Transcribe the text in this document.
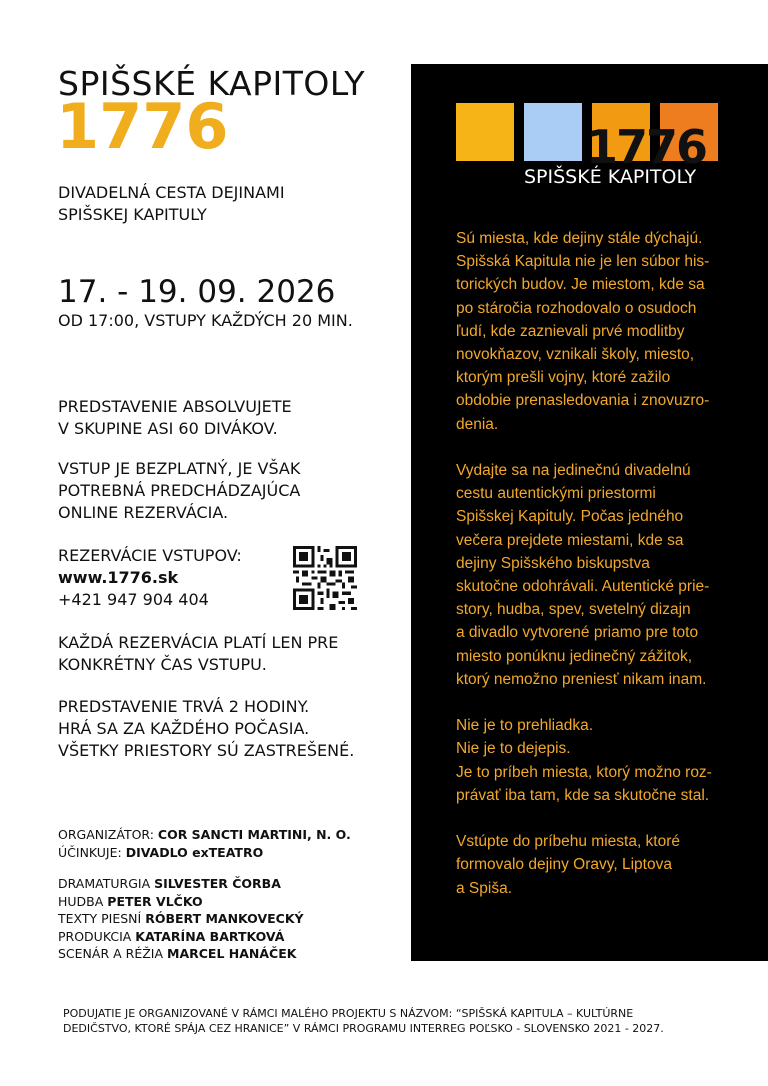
SPIŠSKÉ KAPITOLY
1776
DIVADELNÁ CESTA DEJINAMI
SPIŠSKEJ KAPITULY
17. - 19. 09. 2026
OD 17:00, VSTUPY KAŽDÝCH 20 MIN.
PREDSTAVENIE ABSOLVUJETE
V SKUPINE ASI 60 DIVÁKOV.
VSTUP JE BEZPLATNÝ, JE VŠAK
POTREBNÁ PREDCHÁDZAJÚCA
ONLINE REZERVÁCIA.
REZERVÁCIE VSTUPOV:
www.1776.sk
+421 947 904 404
KAŽDÁ REZERVÁCIA PLATÍ LEN PRE
KONKRÉTNY ČAS VSTUPU.
PREDSTAVENIE TRVÁ 2 HODINY.
HRÁ SA ZA KAŽDÉHO POČASIA.
VŠETKY PRIESTORY SÚ ZASTREŠENÉ.
ORGANIZÁTOR: COR SANCTI MARTINI, N. O.
ÚČINKUJE: DIVADLO exTEATRO
DRAMATURGIA SILVESTER ČORBA
HUDBA PETER VLČKO
TEXTY PIESNÍ RÓBERT MANKOVECKÝ
PRODUKCIA KATARÍNA BARTKOVÁ
SCENÁR A RÉŽIA MARCEL HANÁČEK
1776
SPIŠSKÉ KAPITOLY

Sú miesta, kde dejiny stále dýchajú.
Spišská Kapitula nie je len súbor his-
torických budov. Je miestom, kde sa
po stáročia rozhodovalo o osudoch
ľudí, kde zaznievali prvé modlitby
novokňazov, vznikali školy, miesto,
ktorým prešli vojny, ktoré zažilo
obdobie prenasledovania i znovuzro-
denia.

Vydajte sa na jedinečnú divadelnú
cestu autentickými priestormi
Spišskej Kapituly. Počas jedného
večera prejdete miestami, kde sa
dejiny Spišského biskupstva
skutočne odohrávali. Autentické prie-
story, hudba, spev, svetelný dizajn
a divadlo vytvorené priamo pre toto
miesto ponúknu jedinečný zážitok,
ktorý nemožno preniesť nikam inam.

Nie je to prehliadka.
Nie je to dejepis.
Je to príbeh miesta, ktorý možno roz-
právať iba tam, kde sa skutočne stal.

Vstúpte do príbehu miesta, ktoré
formovalo dejiny Oravy, Liptova
a Spiša.

PODUJATIE JE ORGANIZOVANÉ V RÁMCI MALÉHO PROJEKTU S NÁZVOM: “SPIŠSKÁ KAPITULA – KULTÚRNE
DEDIČSTVO, KTORÉ SPÁJA CEZ HRANICE” V RÁMCI PROGRAMU INTERREG POĽSKO - SLOVENSKO 2021 - 2027.
